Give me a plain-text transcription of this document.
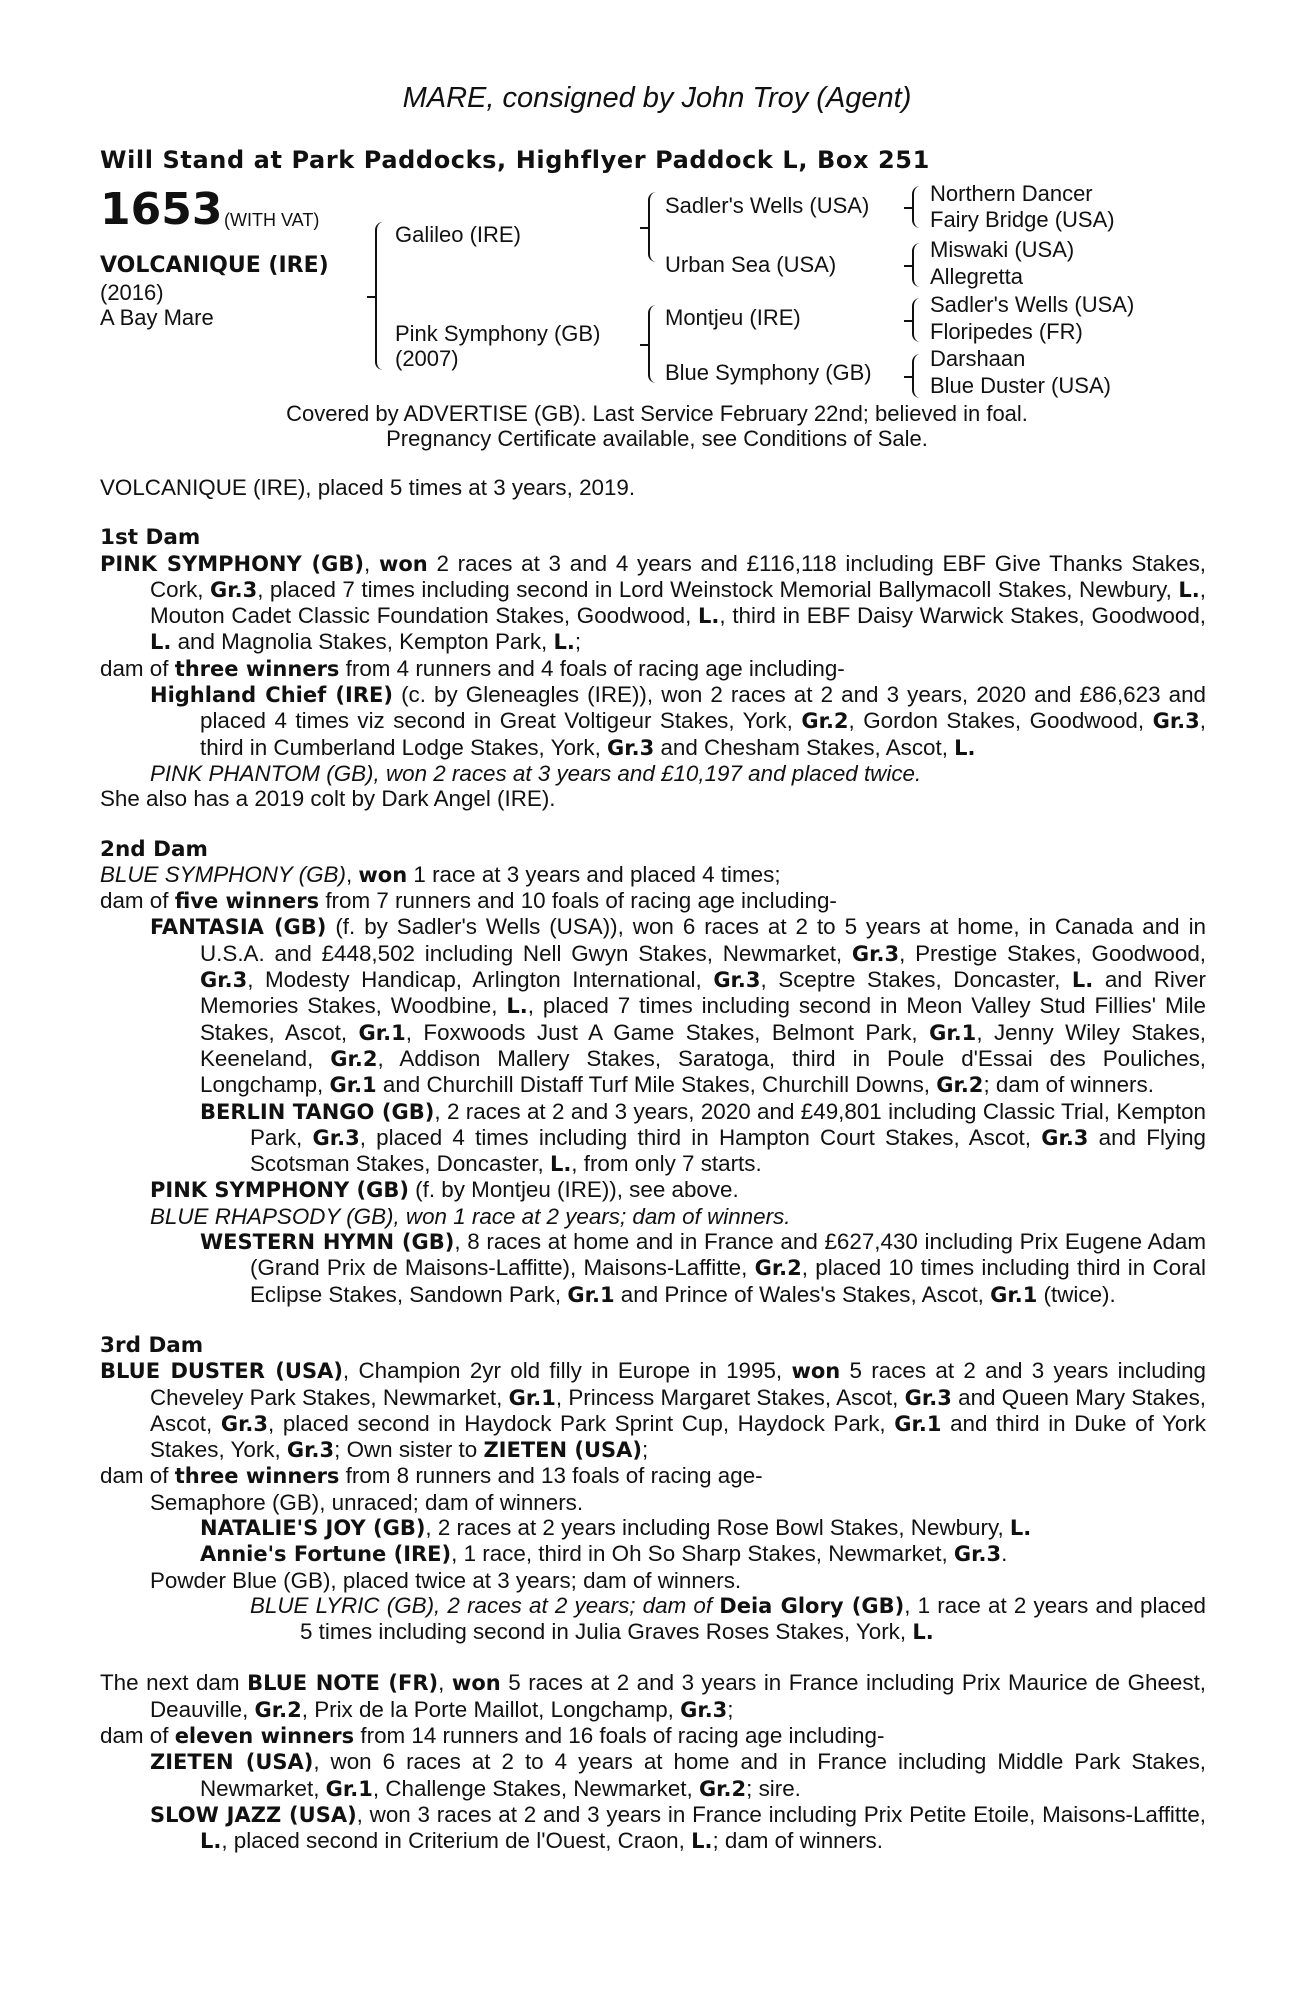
MARE, consigned by John Troy (Agent)
Will Stand at Park Paddocks, Highflyer Paddock L, Box 251
1653 (WITH VAT)
VOLCANIQUE (IRE)
(2016)
A Bay Mare
Galileo (IRE)
Pink Symphony (GB)
(2007)
Sadler's Wells (USA)
Urban Sea (USA)
Montjeu (IRE)
Blue Symphony (GB)
Northern Dancer
Fairy Bridge (USA)
Miswaki (USA)
Allegretta
Sadler's Wells (USA)
Floripedes (FR)
Darshaan
Blue Duster (USA)
Covered by ADVERTISE (GB). Last Service February 22nd; believed in foal.
Pregnancy Certificate available, see Conditions of Sale.

VOLCANIQUE (IRE), placed 5 times at 3 years, 2019.

1st Dam

PINK SYMPHONY (GB), won 2 races at 3 and 4 years and £116,118 including EBF Give Thanks Stakes, Cork, Gr.3, placed 7 times including second in Lord Weinstock Memorial Ballymacoll Stakes, Newbury, L., Mouton Cadet Classic Foundation Stakes, Goodwood, L., third in EBF Daisy Warwick Stakes, Goodwood, L. and Magnolia Stakes, Kempton Park, L.;

dam of three winners from 4 runners and 4 foals of racing age including-

Highland Chief (IRE) (c. by Gleneagles (IRE)), won 2 races at 2 and 3 years, 2020 and £86,623 and placed 4 times viz second in Great Voltigeur Stakes, York, Gr.2, Gordon Stakes, Goodwood, Gr.3, third in Cumberland Lodge Stakes, York, Gr.3 and Chesham Stakes, Ascot, L.

PINK PHANTOM (GB), won 2 races at 3 years and £10,197 and placed twice.

She also has a 2019 colt by Dark Angel (IRE).

2nd Dam

BLUE SYMPHONY (GB), won 1 race at 3 years and placed 4 times;

dam of five winners from 7 runners and 10 foals of racing age including-

FANTASIA (GB) (f. by Sadler's Wells (USA)), won 6 races at 2 to 5 years at home, in Canada and in U.S.A. and £448,502 including Nell Gwyn Stakes, Newmarket, Gr.3, Prestige Stakes, Goodwood, Gr.3, Modesty Handicap, Arlington International, Gr.3, Sceptre Stakes, Doncaster, L. and River Memories Stakes, Woodbine, L., placed 7 times including second in Meon Valley Stud Fillies' Mile Stakes, Ascot, Gr.1, Foxwoods Just A Game Stakes, Belmont Park, Gr.1, Jenny Wiley Stakes, Keeneland, Gr.2, Addison Mallery Stakes, Saratoga, third in Poule d'Essai des Pouliches, Longchamp, Gr.1 and Churchill Distaff Turf Mile Stakes, Churchill Downs, Gr.2; dam of winners.

BERLIN TANGO (GB), 2 races at 2 and 3 years, 2020 and £49,801 including Classic Trial, Kempton Park, Gr.3, placed 4 times including third in Hampton Court Stakes, Ascot, Gr.3 and Flying Scotsman Stakes, Doncaster, L., from only 7 starts.

PINK SYMPHONY (GB) (f. by Montjeu (IRE)), see above.

BLUE RHAPSODY (GB), won 1 race at 2 years; dam of winners.

WESTERN HYMN (GB), 8 races at home and in France and £627,430 including Prix Eugene Adam (Grand Prix de Maisons-Laffitte), Maisons-Laffitte, Gr.2, placed 10 times including third in Coral Eclipse Stakes, Sandown Park, Gr.1 and Prince of Wales's Stakes, Ascot, Gr.1 (twice).

3rd Dam

BLUE DUSTER (USA), Champion 2yr old filly in Europe in 1995, won 5 races at 2 and 3 years including Cheveley Park Stakes, Newmarket, Gr.1, Princess Margaret Stakes, Ascot, Gr.3 and Queen Mary Stakes, Ascot, Gr.3, placed second in Haydock Park Sprint Cup, Haydock Park, Gr.1 and third in Duke of York Stakes, York, Gr.3; Own sister to ZIETEN (USA);

dam of three winners from 8 runners and 13 foals of racing age-

Semaphore (GB), unraced; dam of winners.

NATALIE'S JOY (GB), 2 races at 2 years including Rose Bowl Stakes, Newbury, L.

Annie's Fortune (IRE), 1 race, third in Oh So Sharp Stakes, Newmarket, Gr.3.

Powder Blue (GB), placed twice at 3 years; dam of winners.

BLUE LYRIC (GB), 2 races at 2 years; dam of Deia Glory (GB), 1 race at 2 years and placed 5 times including second in Julia Graves Roses Stakes, York, L.

The next dam BLUE NOTE (FR), won 5 races at 2 and 3 years in France including Prix Maurice de Gheest, Deauville, Gr.2, Prix de la Porte Maillot, Longchamp, Gr.3;

dam of eleven winners from 14 runners and 16 foals of racing age including-

ZIETEN (USA), won 6 races at 2 to 4 years at home and in France including Middle Park Stakes, Newmarket, Gr.1, Challenge Stakes, Newmarket, Gr.2; sire.

SLOW JAZZ (USA), won 3 races at 2 and 3 years in France including Prix Petite Etoile, Maisons-Laffitte, L., placed second in Criterium de l'Ouest, Craon, L.; dam of winners.
